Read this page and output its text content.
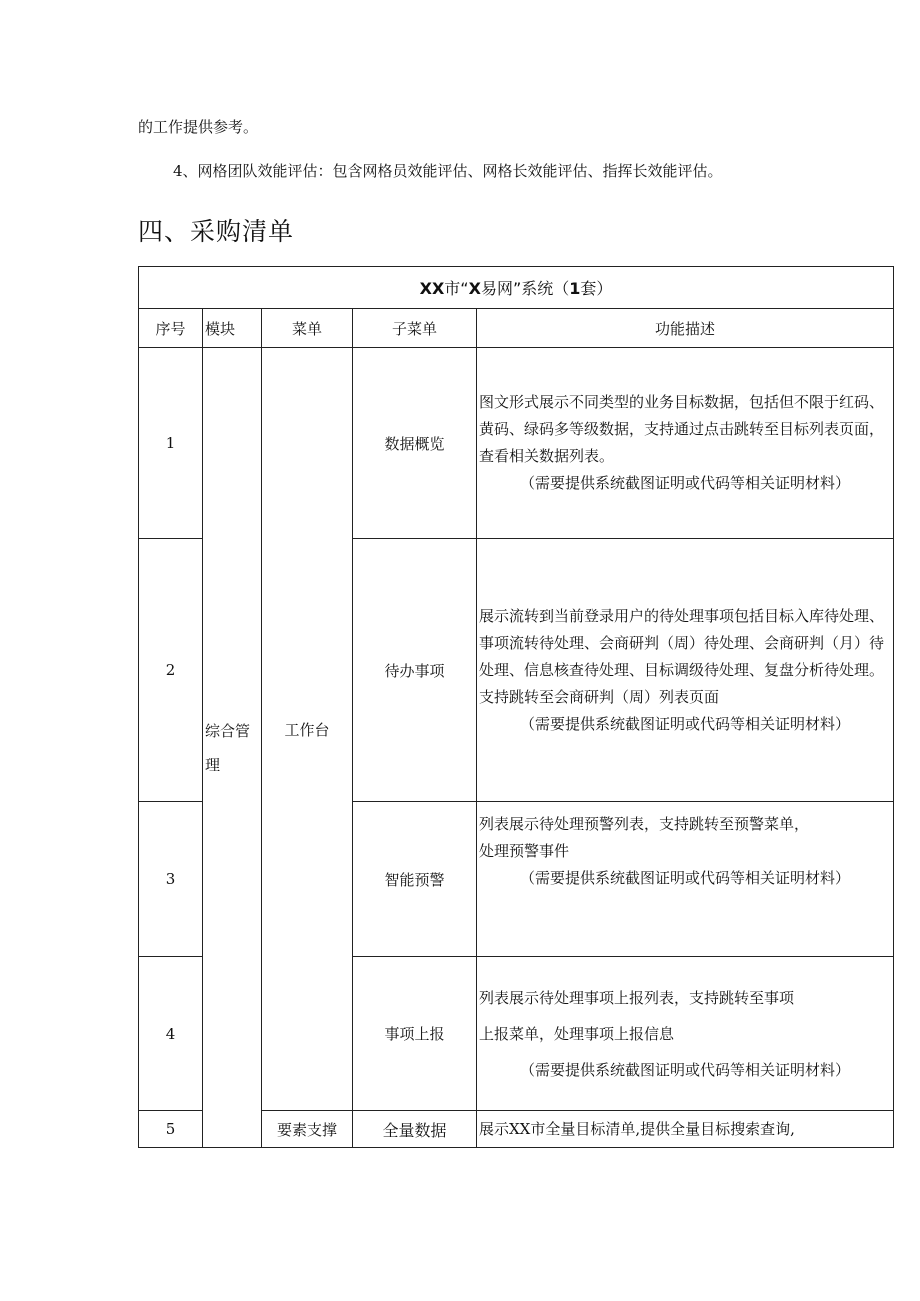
的工作提供参考。
4、网格团队效能评估：包含网格员效能评估、网格长效能评估、指挥长效能评估。
四、采购清单
XX市“X易网”系统（1套）				
序号	模块	菜单	子菜单	功能描述
1	综合管理	工作台	数据概览	图文形式展示不同类型的业务目标数据，包括但不限于红码、黄码、绿码多等级数据，支持通过点击跳转至目标列表页面，查看相关数据列表。

（需要提供系统截图证明或代码等相关证明材料）

2			待办事项	展示流转到当前登录用户的待处理事项包括目标入库待处理、事项流转待处理、会商研判（周）待处理、会商研判（月）待处理、信息核查待处理、目标调级待处理、复盘分析待处理。支持跳转至会商研判（周）列表页面

（需要提供系统截图证明或代码等相关证明材料）

3			智能预警	列表展示待处理预警列表，支持跳转至预警菜单，

处理预警事件

（需要提供系统截图证明或代码等相关证明材料）

4			事项上报	列表展示待处理事项上报列表，支持跳转至事项

上报菜单，处理事项上报信息

（需要提供系统截图证明或代码等相关证明材料）

5		要素支撑	全量数据	展示XX市全量目标清单,提供全量目标搜索查询,
